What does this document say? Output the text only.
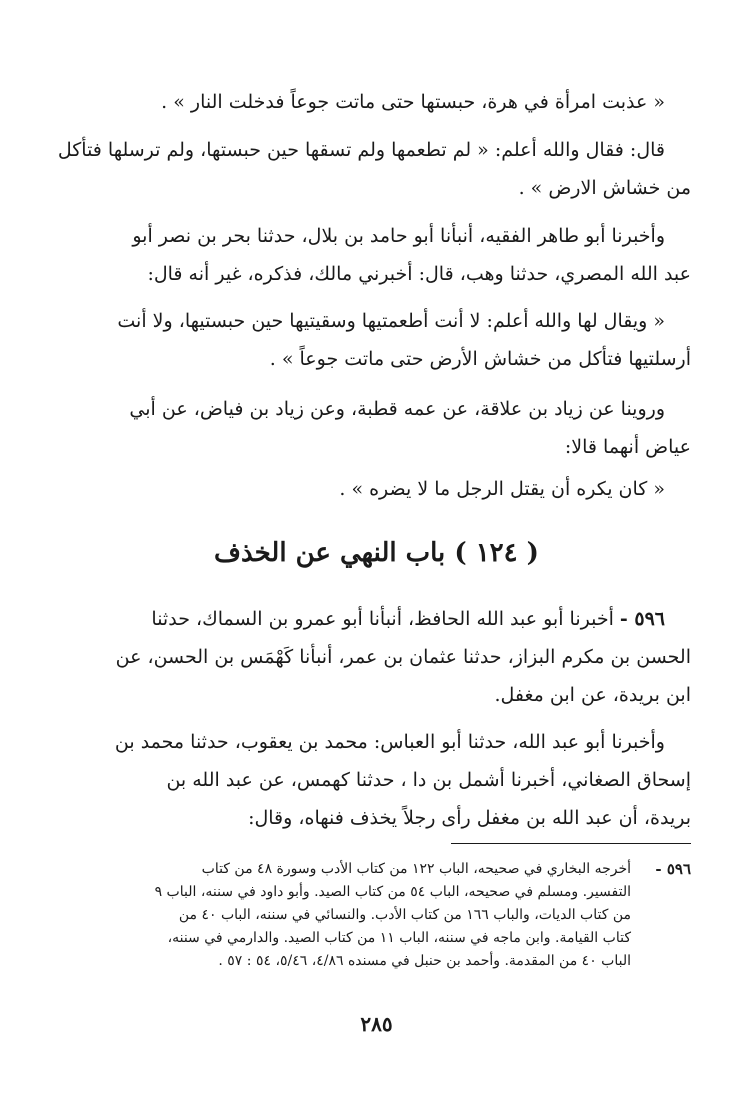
« عذبت امرأة في هرة، حبستها حتى ماتت جوعاً فدخلت النار » .

قال: فقال والله أعلم: « لم تطعمها ولم تسقها حين حبستها، ولم ترسلها فتأكل
من خشاش الارض » .

وأخبرنا أبو طاهر الفقيه، أنبأنا أبو حامد بن بلال، حدثنا بحر بن نصر أبو
عبد الله المصري، حدثنا وهب، قال: أخبرني مالك، فذكره، غير أنه قال:

« ويقال لها والله أعلم: لا أنت أطعمتيها وسقيتيها حين حبستيها، ولا أنت
أرسلتيها فتأكل من خشاش الأرض حتى ماتت جوعاً » .

وروينا عن زياد بن علاقة، عن عمه قطبة، وعن زياد بن فياض، عن أبي
عياض أنهما قالا:

« كان يكره أن يقتل الرجل ما لا يضره » .

( ١٢٤ ) باب النهي عن الخذف

٥٩٦ -أخبرنا أبو عبد الله الحافظ، أنبأنا أبو عمرو بن السماك، حدثنا
الحسن بن مكرم البزاز، حدثنا عثمان بن عمر، أنبأنا كَهْمَس بن الحسن، عن
ابن بريدة، عن ابن مغفل.

وأخبرنا أبو عبد الله، حدثنا أبو العباس: محمد بن يعقوب، حدثنا محمد بن
إسحاق الصغاني، أخبرنا أشمل بن دا ، حدثنا كهمس، عن عبد الله بن
بريدة، أن عبد الله بن مغفل رأى رجلاً يخذف فنهاه، وقال:

٥٩٦ -
أخرجه البخاري في صحيحه، الباب ١٢٢ من كتاب الأدب وسورة ٤٨ من كتاب
التفسير. ومسلم في صحيحه، الباب ٥٤ من كتاب الصيد. وأبو داود في سننه، الباب ٩
من كتاب الديات، والباب ١٦٦ من كتاب الأدب. والنسائي في سننه، الباب ٤٠ من
كتاب القيامة. وابن ماجه في سننه، الباب ١١ من كتاب الصيد. والدارمي في سننه،
الباب ٤٠ من المقدمة. وأحمد بن حنبل في مسنده ٤/٨٦، ٥/٤٦، ٥٤ : ٥٧ .
٢٨٥
